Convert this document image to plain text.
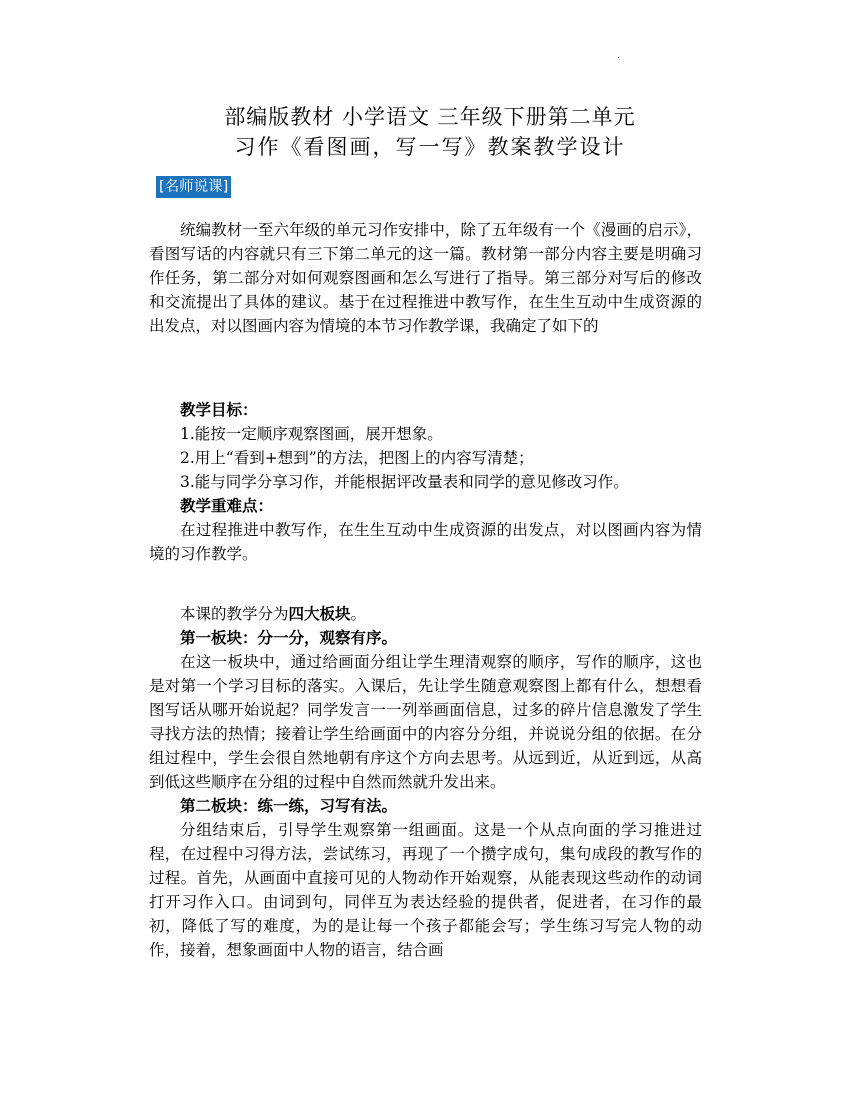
.
部编版教材 小学语文 三年级下册第二单元
习作《看图画，写一写》教案教学设计
[名师说课]

统编教材一至六年级的单元习作安排中，除了五年级有一个《漫画的启示》，看图写话的内容就只有三下第二单元的这一篇。教材第一部分内容主要是明确习作任务，第二部分对如何观察图画和怎么写进行了指导。第三部分对写后的修改和交流提出了具体的建议。基于在过程推进中教写作，在生生互动中生成资源的出发点，对以图画内容为情境的本节习作教学课，我确定了如下的

教学目标：

1.能按一定顺序观察图画，展开想象。

2.用上“看到+想到”的方法，把图上的内容写清楚；

3.能与同学分享习作，并能根据评改量表和同学的意见修改习作。

教学重难点：

在过程推进中教写作，在生生互动中生成资源的出发点，对以图画内容为情境的习作教学。

本课的教学分为四大板块。

第一板块：分一分，观察有序。

在这一板块中，通过给画面分组让学生理清观察的顺序，写作的顺序，这也是对第一个学习目标的落实。入课后，先让学生随意观察图上都有什么，想想看图写话从哪开始说起？同学发言一一列举画面信息，过多的碎片信息激发了学生寻找方法的热情；接着让学生给画面中的内容分分组，并说说分组的依据。在分组过程中，学生会很自然地朝有序这个方向去思考。从远到近，从近到远，从高到低这些顺序在分组的过程中自然而然就升发出来。

第二板块：练一练，习写有法。

分组结束后，引导学生观察第一组画面。这是一个从点向面的学习推进过程，在过程中习得方法，尝试练习，再现了一个攒字成句，集句成段的教写作的过程。首先，从画面中直接可见的人物动作开始观察，从能表现这些动作的动词打开习作入口。由词到句，同伴互为表达经验的提供者，促进者，在习作的最初，降低了写的难度，为的是让每一个孩子都能会写；学生练习写完人物的动作，接着，想象画面中人物的语言，结合画
